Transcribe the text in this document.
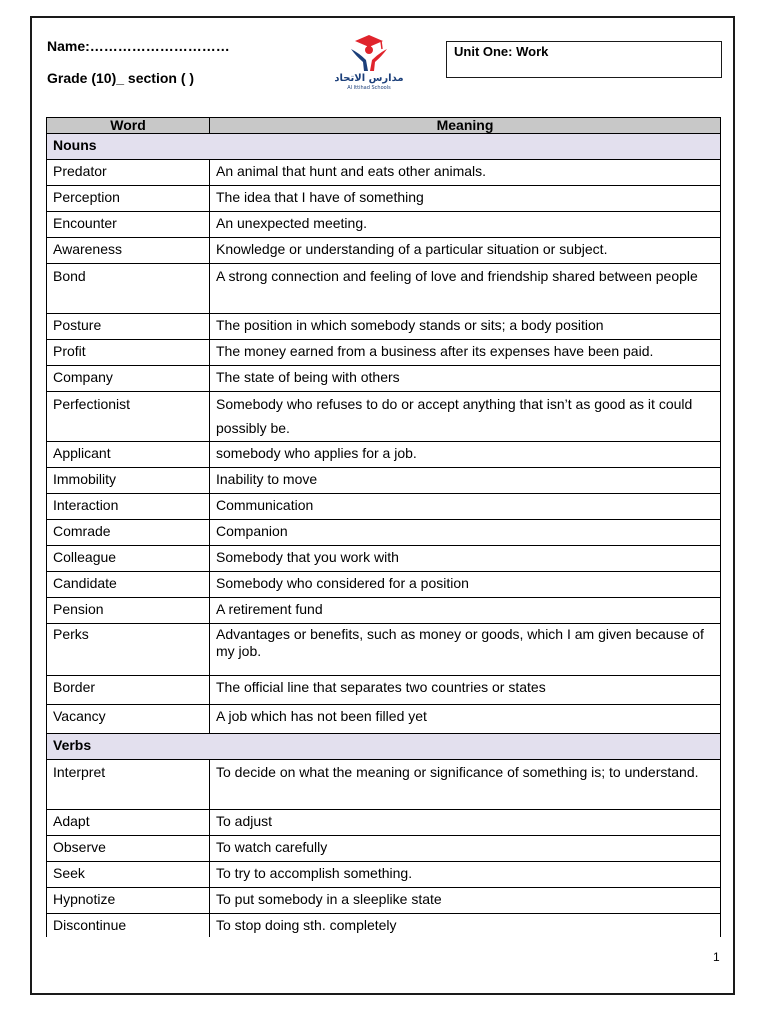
Name:…………………………
Grade (10)_ section ( )	مدارس الاتحاد
Al Ittihad Schools
Unit One: Work
Word	Meaning
Nouns	
Predator	An animal that hunt and eats other animals.
Perception	The idea that I have of something
Encounter	An unexpected meeting.
Awareness	Knowledge or understanding of a particular situation or subject.
Bond	A strong connection and feeling of love and friendship shared between people
Posture	The position in which somebody stands or sits; a body position
Profit	The money earned from a business after its expenses have been paid.
Company	The state of being with others
Perfectionist	Somebody who refuses to do or accept anything that isn’t as good as it could possibly be.
Applicant	somebody who applies for a job.
Immobility	Inability to move
Interaction	Communication
Comrade	Companion
Colleague	Somebody that you work with
Candidate	Somebody who considered for a position
Pension	A retirement fund
Perks	Advantages or benefits, such as money or goods, which I am given because of my job.
Border	The official line that separates two countries or states
Vacancy	A job which has not been filled yet
Verbs	
Interpret	To decide on what the meaning or significance of something is; to understand.
Adapt	To adjust
Observe	To watch carefully
Seek	To try to accomplish something.
Hypnotize	To put somebody in a sleeplike state
Discontinue	To stop doing sth. completely
1
